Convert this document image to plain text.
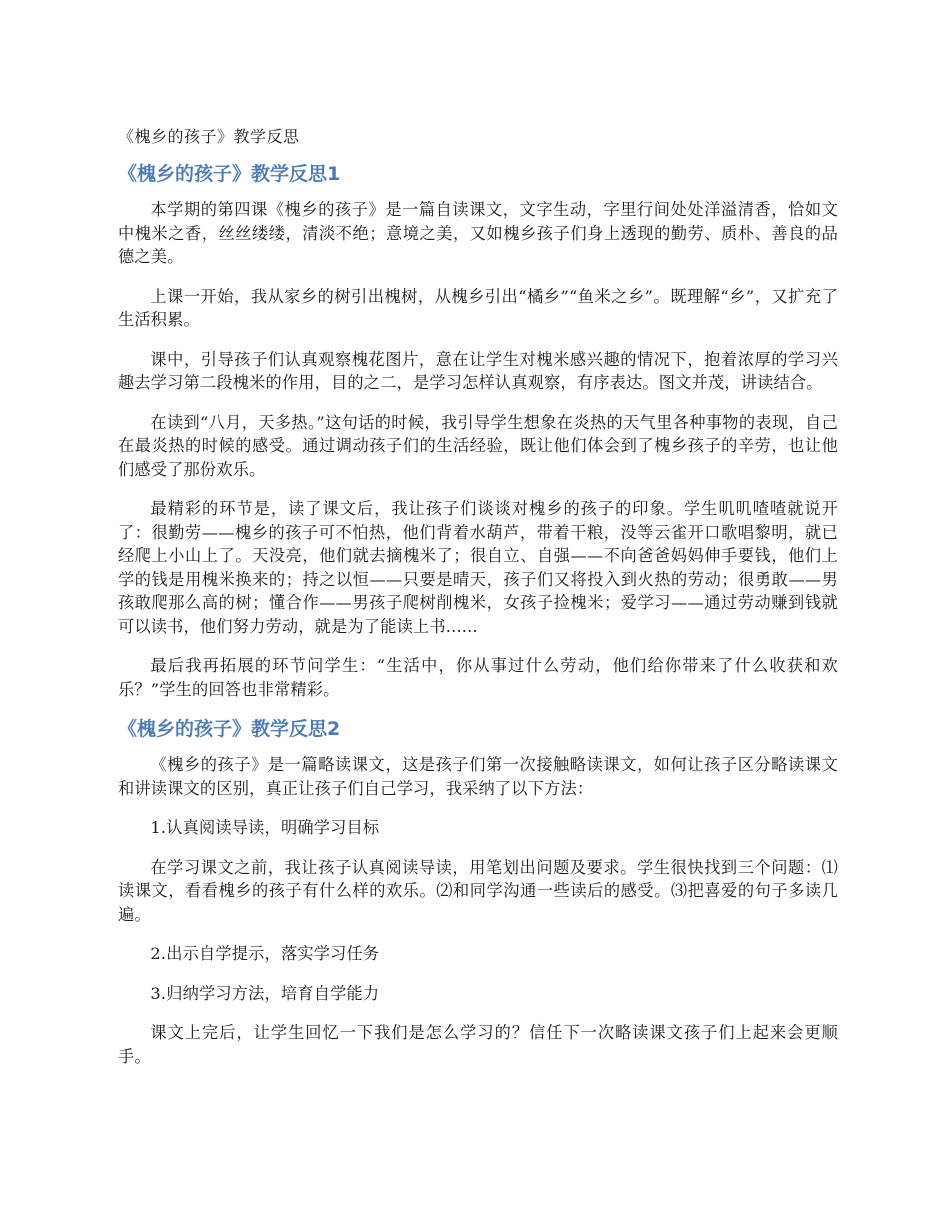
《槐乡的孩子》教学反思
《槐乡的孩子》教学反思1

本学期的第四课《槐乡的孩子》是一篇自读课文，文字生动，字里行间处处洋溢清香，恰如文中槐米之香，丝丝缕缕，清淡不绝；意境之美，又如槐乡孩子们身上透现的勤劳、质朴、善良的品德之美。

上课一开始，我从家乡的树引出槐树，从槐乡引出“橘乡”“鱼米之乡”。既理解“乡”，又扩充了生活积累。

课中，引导孩子们认真观察槐花图片，意在让学生对槐米感兴趣的情况下，抱着浓厚的学习兴趣去学习第二段槐米的作用，目的之二，是学习怎样认真观察，有序表达。图文并茂，讲读结合。

在读到“八月，天多热。”这句话的时候，我引导学生想象在炎热的天气里各种事物的表现，自己在最炎热的时候的感受。通过调动孩子们的生活经验，既让他们体会到了槐乡孩子的辛劳，也让他们感受了那份欢乐。

最精彩的环节是，读了课文后，我让孩子们谈谈对槐乡的孩子的印象。学生叽叽喳喳就说开了：很勤劳——槐乡的孩子可不怕热，他们背着水葫芦，带着干粮，没等云雀开口歌唱黎明，就已经爬上小山上了。天没亮，他们就去摘槐米了；很自立、自强——不向爸爸妈妈伸手要钱，他们上学的钱是用槐米换来的；持之以恒——只要是晴天，孩子们又将投入到火热的劳动；很勇敢——男孩敢爬那么高的树；懂合作——男孩子爬树削槐米，女孩子捡槐米；爱学习——通过劳动赚到钱就可以读书，他们努力劳动，就是为了能读上书......

最后我再拓展的环节问学生：“生活中，你从事过什么劳动，他们给你带来了什么收获和欢乐？”学生的回答也非常精彩。

《槐乡的孩子》教学反思2

《槐乡的孩子》是一篇略读课文，这是孩子们第一次接触略读课文，如何让孩子区分略读课文和讲读课文的区别，真正让孩子们自己学习，我采纳了以下方法：

1.认真阅读导读，明确学习目标

在学习课文之前，我让孩子认真阅读导读，用笔划出问题及要求。学生很快找到三个问题：⑴读课文，看看槐乡的孩子有什么样的欢乐。⑵和同学沟通一些读后的感受。⑶把喜爱的句子多读几遍。

2.出示自学提示，落实学习任务

3.归纳学习方法，培育自学能力

课文上完后，让学生回忆一下我们是怎么学习的？信任下一次略读课文孩子们上起来会更顺手。
